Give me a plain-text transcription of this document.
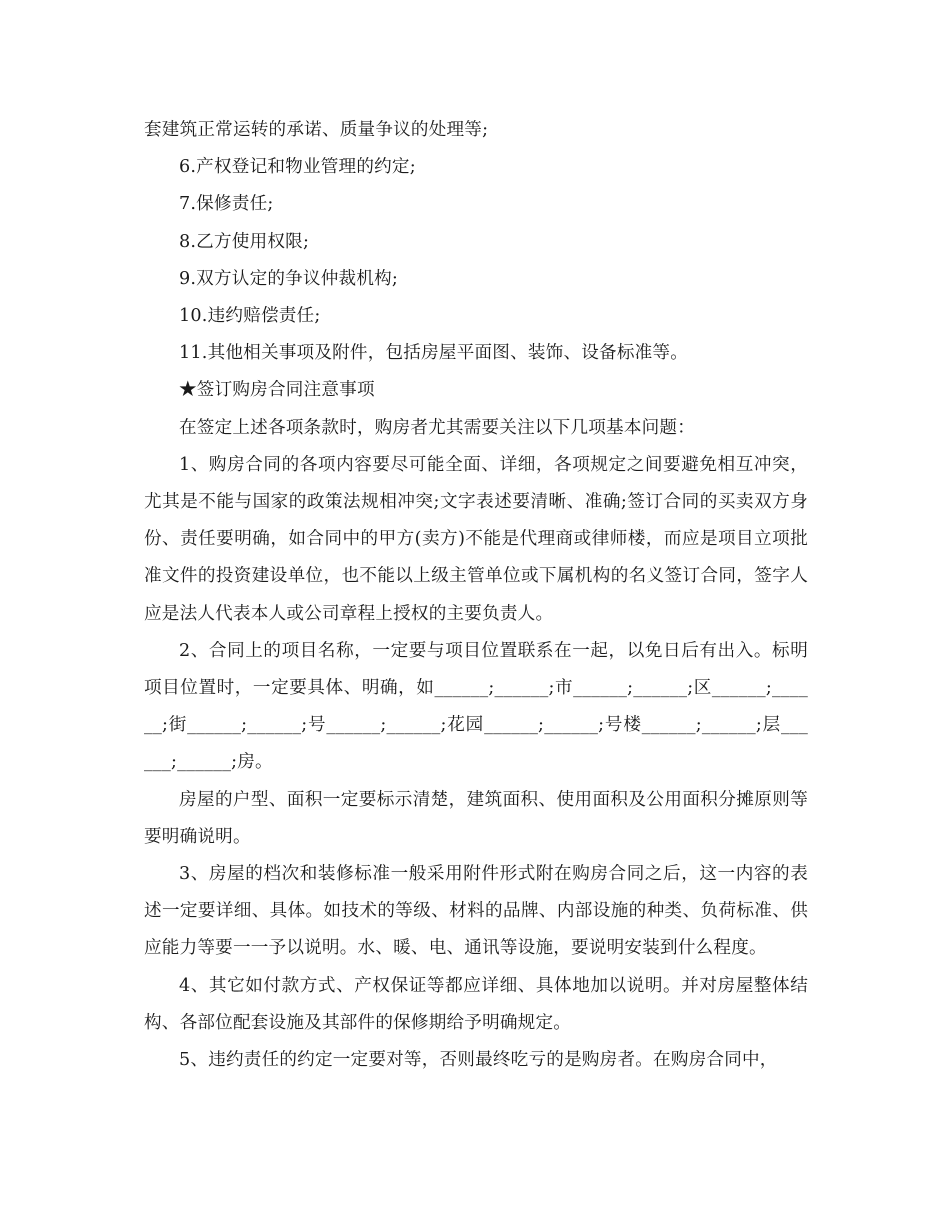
套建筑正常运转的承诺、质量争议的处理等;

6.产权登记和物业管理的约定;

7.保修责任;

8.乙方使用权限;

9.双方认定的争议仲裁机构;

10.违约赔偿责任;

11.其他相关事项及附件，包括房屋平面图、装饰、设备标准等。

★签订购房合同注意事项

在签定上述各项条款时，购房者尤其需要关注以下几项基本问题：

1、购房合同的各项内容要尽可能全面、详细，各项规定之间要避免相互冲突，尤其是不能与国家的政策法规相冲突;文字表述要清晰、准确;签订合同的买卖双方身份、责任要明确，如合同中的甲方(卖方)不能是代理商或律师楼，而应是项目立项批准文件的投资建设单位，也不能以上级主管单位或下属机构的名义签订合同，签字人应是法人代表本人或公司章程上授权的主要负责人。

2、合同上的项目名称，一定要与项目位置联系在一起，以免日后有出入。标明项目位置时，一定要具体、明确，如______;______;市______;______;区______;______;街______;______;号______;______;花园______;______;号楼______;______;层______;______;房。

房屋的户型、面积一定要标示清楚，建筑面积、使用面积及公用面积分摊原则等要明确说明。

3、房屋的档次和装修标准一般采用附件形式附在购房合同之后，这一内容的表述一定要详细、具体。如技术的等级、材料的品牌、内部设施的种类、负荷标准、供应能力等要一一予以说明。水、暖、电、通讯等设施，要说明安装到什么程度。

4、其它如付款方式、产权保证等都应详细、具体地加以说明。并对房屋整体结构、各部位配套设施及其部件的保修期给予明确规定。

5、违约责任的约定一定要对等，否则最终吃亏的是购房者。在购房合同中，
